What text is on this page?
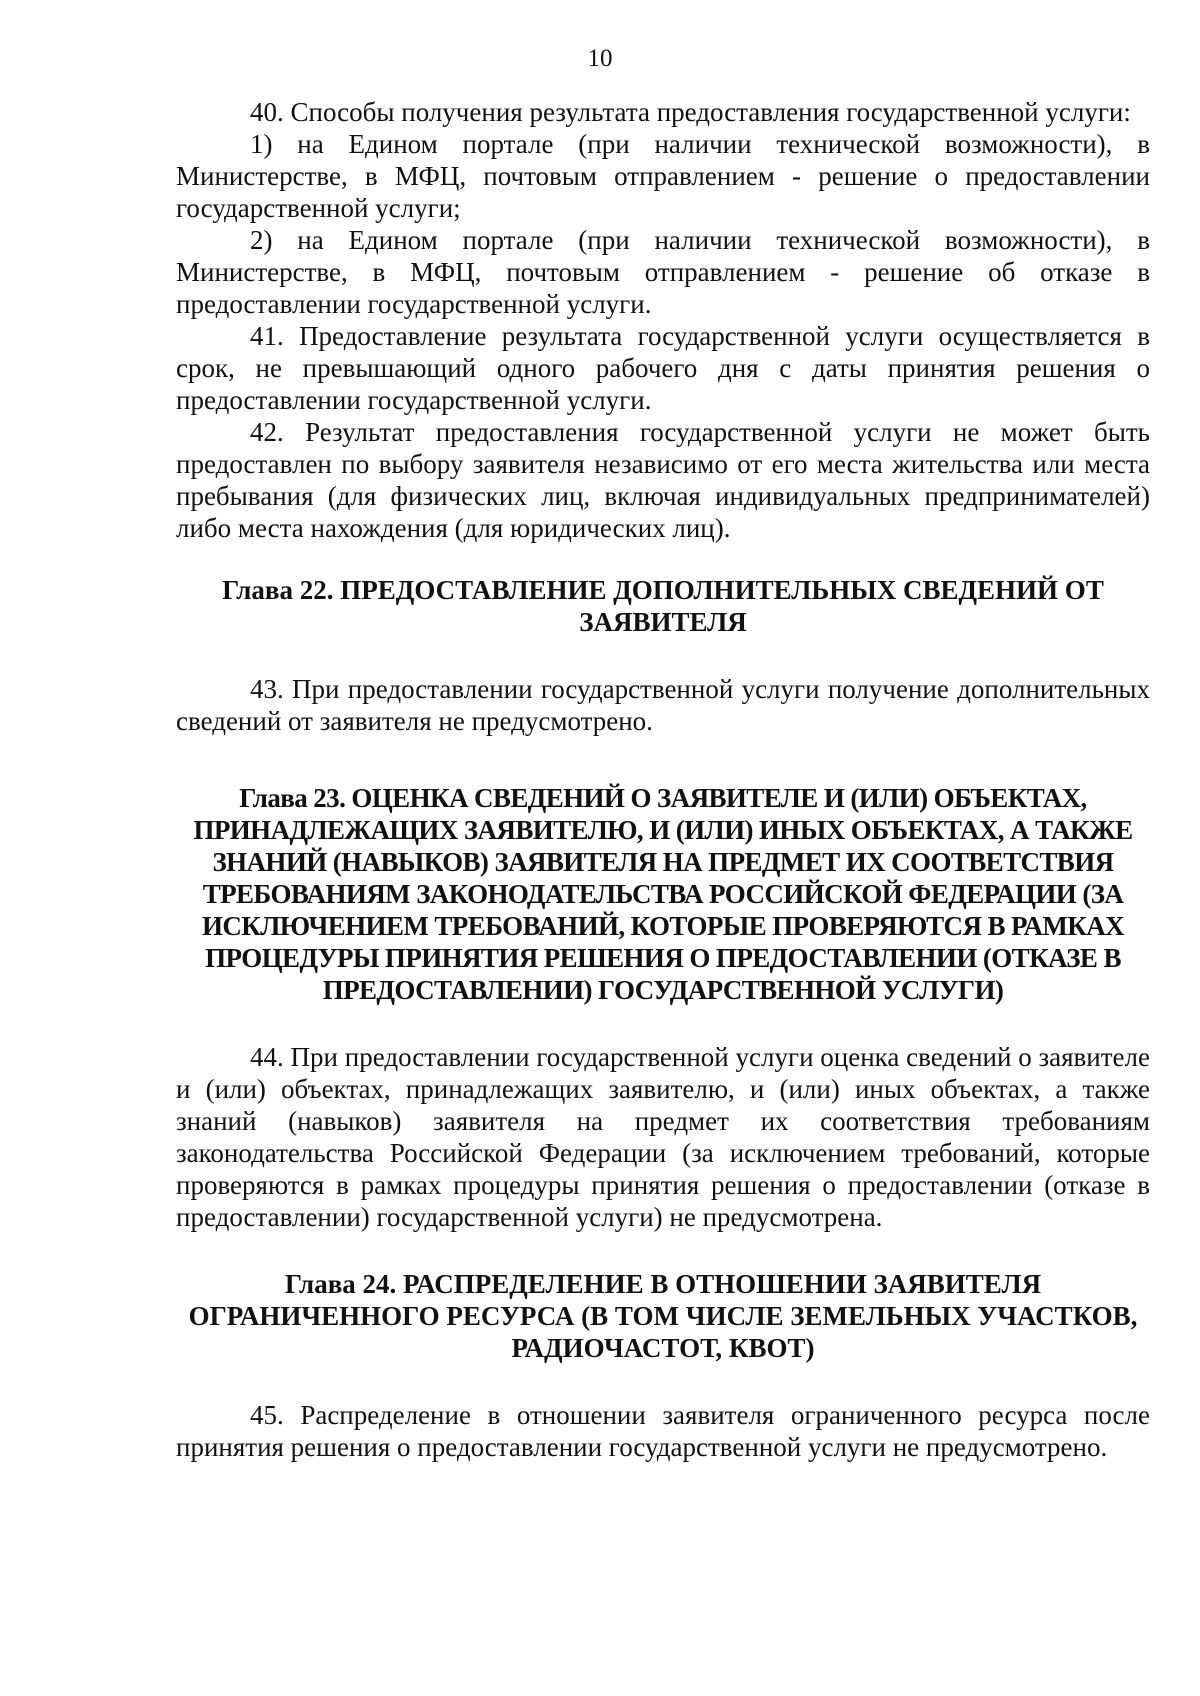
10

40. Способы получения результата предоставления государственной услуги:

1) на Едином портале (при наличии технической возможности), в Министерстве, в МФЦ, почтовым отправлением - решение о предоставлении государственной услуги;

2) на Едином портале (при наличии технической возможности), в Министерстве, в МФЦ, почтовым отправлением - решение об отказе в предоставлении государственной услуги.

41. Предоставление результата государственной услуги осуществляется в срок, не превышающий одного рабочего дня с даты принятия решения о предоставлении государственной услуги.

42. Результат предоставления государственной услуги не может быть предоставлен по выбору заявителя независимо от его места жительства или места пребывания (для физических лиц, включая индивидуальных предпринимателей) либо места нахождения (для юридических лиц).

Глава 22. ПРЕДОСТАВЛЕНИЕ ДОПОЛНИТЕЛЬНЫХ СВЕДЕНИЙ ОТ
ЗАЯВИТЕЛЯ

43. При предоставлении государственной услуги получение дополнительных сведений от заявителя не предусмотрено.

Глава 23. ОЦЕНКА СВЕДЕНИЙ О ЗАЯВИТЕЛЕ И (ИЛИ) ОБЪЕКТАХ,
ПРИНАДЛЕЖАЩИХ ЗАЯВИТЕЛЮ, И (ИЛИ) ИНЫХ ОБЪЕКТАХ, А ТАКЖЕ
ЗНАНИЙ (НАВЫКОВ) ЗАЯВИТЕЛЯ НА ПРЕДМЕТ ИХ СООТВЕТСТВИЯ
ТРЕБОВАНИЯМ ЗАКОНОДАТЕЛЬСТВА РОССИЙСКОЙ ФЕДЕРАЦИИ (ЗА
ИСКЛЮЧЕНИЕМ ТРЕБОВАНИЙ, КОТОРЫЕ ПРОВЕРЯЮТСЯ В РАМКАХ
ПРОЦЕДУРЫ ПРИНЯТИЯ РЕШЕНИЯ О ПРЕДОСТАВЛЕНИИ (ОТКАЗЕ В
ПРЕДОСТАВЛЕНИИ) ГОСУДАРСТВЕННОЙ УСЛУГИ)

44. При предоставлении государственной услуги оценка сведений о заявителе и (или) объектах, принадлежащих заявителю, и (или) иных объектах, а также знаний (навыков) заявителя на предмет их соответствия требованиям законодательства Российской Федерации (за исключением требований, которые проверяются в рамках процедуры принятия решения о предоставлении (отказе в предоставлении) государственной услуги) не предусмотрена.

Глава 24. РАСПРЕДЕЛЕНИЕ В ОТНОШЕНИИ ЗАЯВИТЕЛЯ
ОГРАНИЧЕННОГО РЕСУРСА (В ТОМ ЧИСЛЕ ЗЕМЕЛЬНЫХ УЧАСТКОВ,
РАДИОЧАСТОТ, КВОТ)

45. Распределение в отношении заявителя ограниченного ресурса после принятия решения о предоставлении государственной услуги не предусмотрено.
